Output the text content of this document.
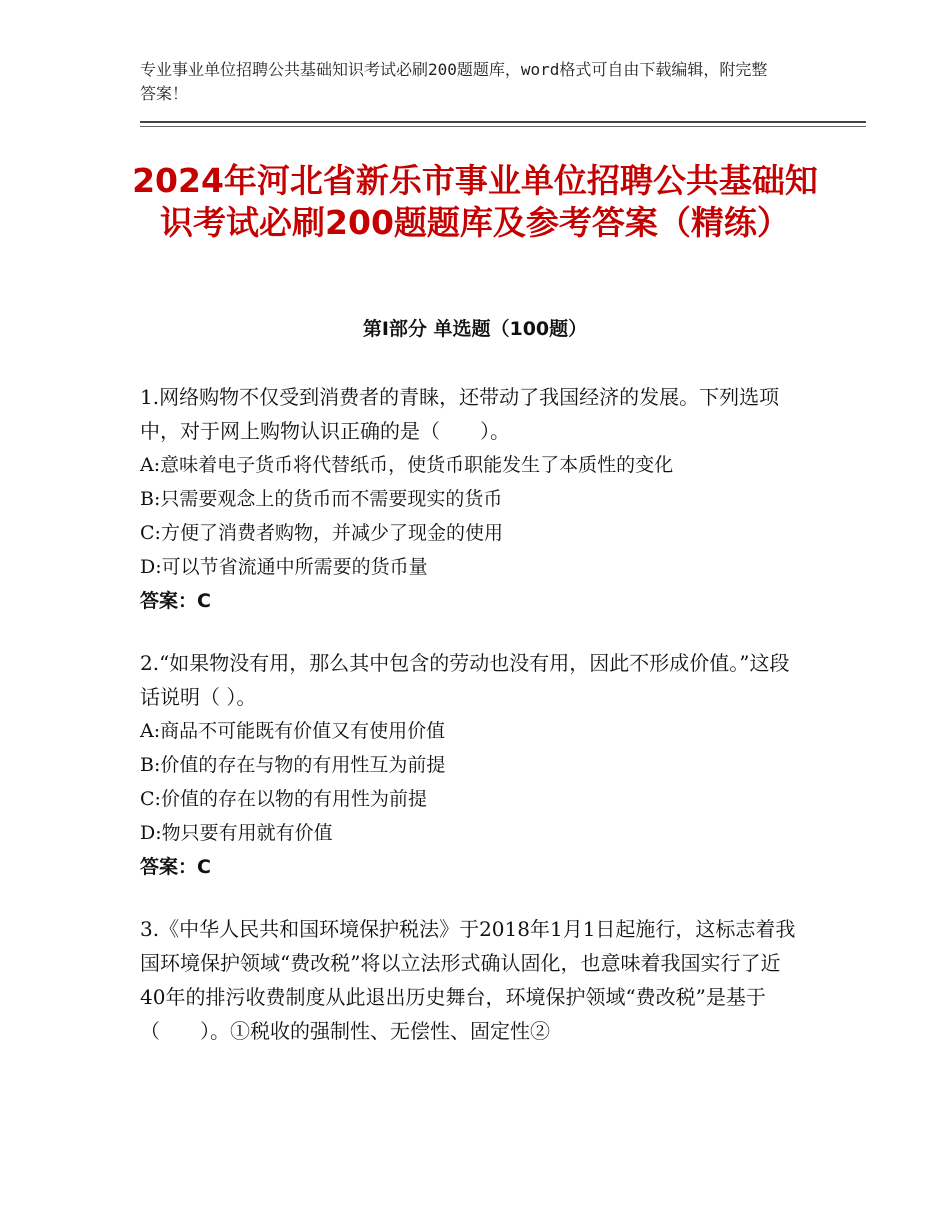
专业事业单位招聘公共基础知识考试必刷200题题库，word格式可自由下载编辑，附完整答案！
2024年河北省新乐市事业单位招聘公共基础知识考试必刷200题题库及参考答案（精练）
第Ⅰ部分 单选题（100题）

1.网络购物不仅受到消费者的青睐，还带动了我国经济的发展。下列选项中，对于网上购物认识正确的是（　　）。

A:意味着电子货币将代替纸币，使货币职能发生了本质性的变化

B:只需要观念上的货币而不需要现实的货币

C:方便了消费者购物，并减少了现金的使用

D:可以节省流通中所需要的货币量

答案：C

2.“如果物没有用，那么其中包含的劳动也没有用，因此不形成价值。”这段话说明（ ）。

A:商品不可能既有价值又有使用价值

B:价值的存在与物的有用性互为前提

C:价值的存在以物的有用性为前提

D:物只要有用就有价值

答案：C

3.《中华人民共和国环境保护税法》于2018年1月1日起施行，这标志着我国环境保护领域“费改税”将以立法形式确认固化，也意味着我国实行了近40年的排污收费制度从此退出历史舞台，环境保护领域“费改税”是基于（　　）。①税收的强制性、无偿性、固定性②
